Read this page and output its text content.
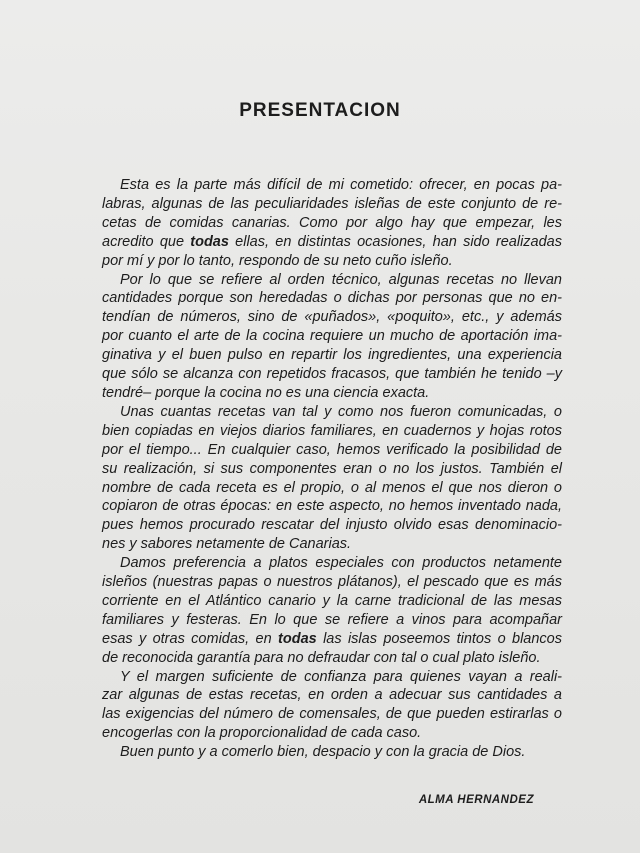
PRESENTACION
Esta es la parte más difícil de mi cometido: ofrecer, en pocas pa-
labras, algunas de las peculiaridades isleñas de este conjunto de re-
cetas de comidas canarias. Como por algo hay que empezar, les
acredito que todas ellas, en distintas ocasiones, han sido realizadas
por mí y por lo tanto, respondo de su neto cuño isleño.
Por lo que se refiere al orden técnico, algunas recetas no llevan
cantidades porque son heredadas o dichas por personas que no en-
tendían de números, sino de «puñados», «poquito», etc., y además
por cuanto el arte de la cocina requiere un mucho de aportación ima-
ginativa y el buen pulso en repartir los ingredientes, una experiencia
que sólo se alcanza con repetidos fracasos, que también he tenido –y
tendré– porque la cocina no es una ciencia exacta.
Unas cuantas recetas van tal y como nos fueron comunicadas, o
bien copiadas en viejos diarios familiares, en cuadernos y hojas rotos
por el tiempo... En cualquier caso, hemos verificado la posibilidad de
su realización, si sus componentes eran o no los justos. También el
nombre de cada receta es el propio, o al menos el que nos dieron o
copiaron de otras épocas: en este aspecto, no hemos inventado nada,
pues hemos procurado rescatar del injusto olvido esas denominacio-
nes y sabores netamente de Canarias.
Damos preferencia a platos especiales con productos netamente
isleños (nuestras papas o nuestros plátanos), el pescado que es más
corriente en el Atlántico canario y la carne tradicional de las mesas
familiares y festeras. En lo que se refiere a vinos para acompañar
esas y otras comidas, en todas las islas poseemos tintos o blancos
de reconocida garantía para no defraudar con tal o cual plato isleño.
Y el margen suficiente de confianza para quienes vayan a reali-
zar algunas de estas recetas, en orden a adecuar sus cantidades a
las exigencias del número de comensales, de que pueden estirarlas o
encogerlas con la proporcionalidad de cada caso.
Buen punto y a comerlo bien, despacio y con la gracia de Dios.
ALMA HERNANDEZ
